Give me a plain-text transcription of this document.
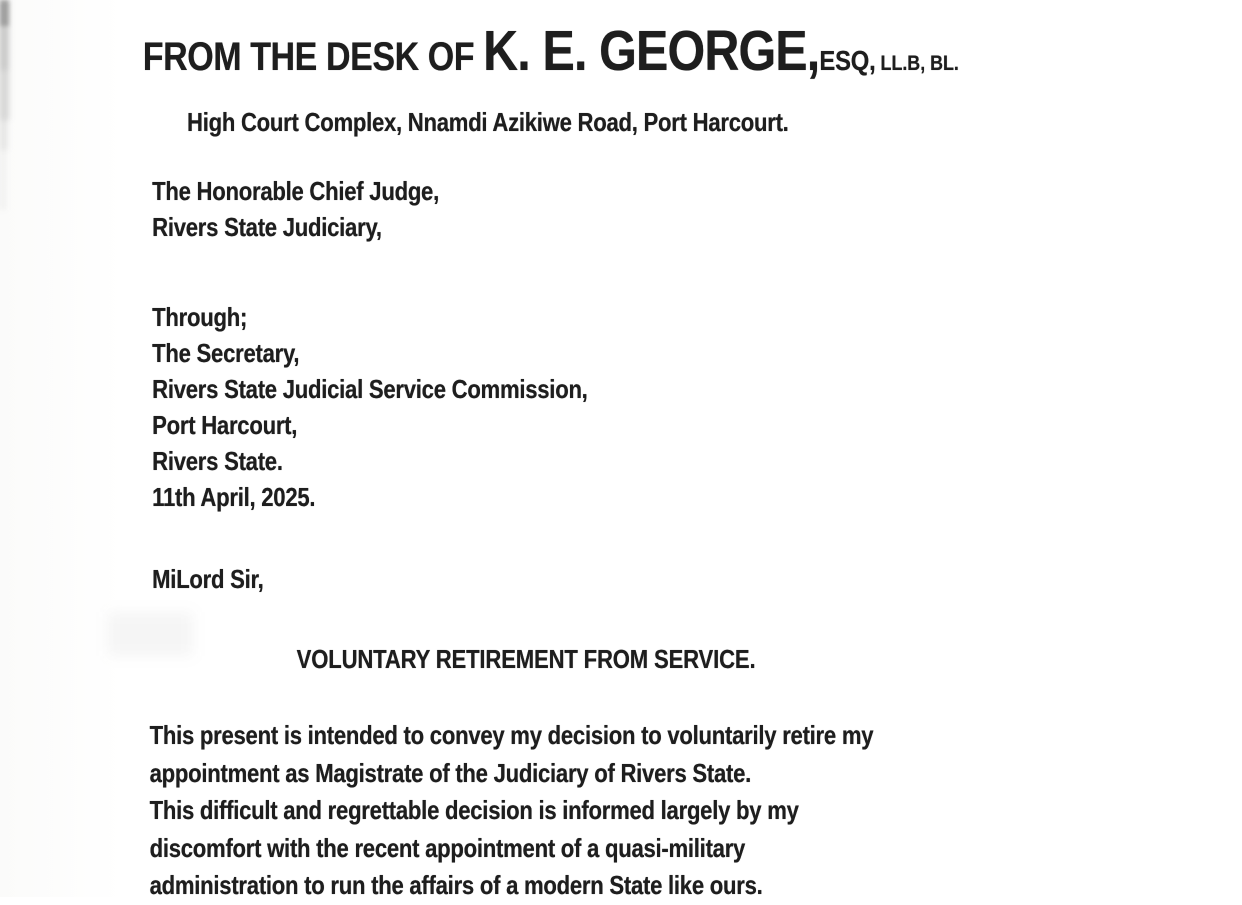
FROM THE DESK OF K. E. GEORGE,ESQ, LL.B, BL.
High Court Complex, Nnamdi Azikiwe Road, Port Harcourt.
The Honorable Chief Judge,
Rivers State Judiciary,
Through;
The Secretary,
Rivers State Judicial Service Commission,
Port Harcourt,
Rivers State.
11th April, 2025.
MiLord Sir,
VOLUNTARY RETIREMENT FROM SERVICE.
This present is intended to convey my decision to voluntarily retire my
appointment as Magistrate of the Judiciary of Rivers State.
This difficult and regrettable decision is informed largely by my
discomfort with the recent appointment of a quasi-military
administration to run the affairs of a modern State like ours.
